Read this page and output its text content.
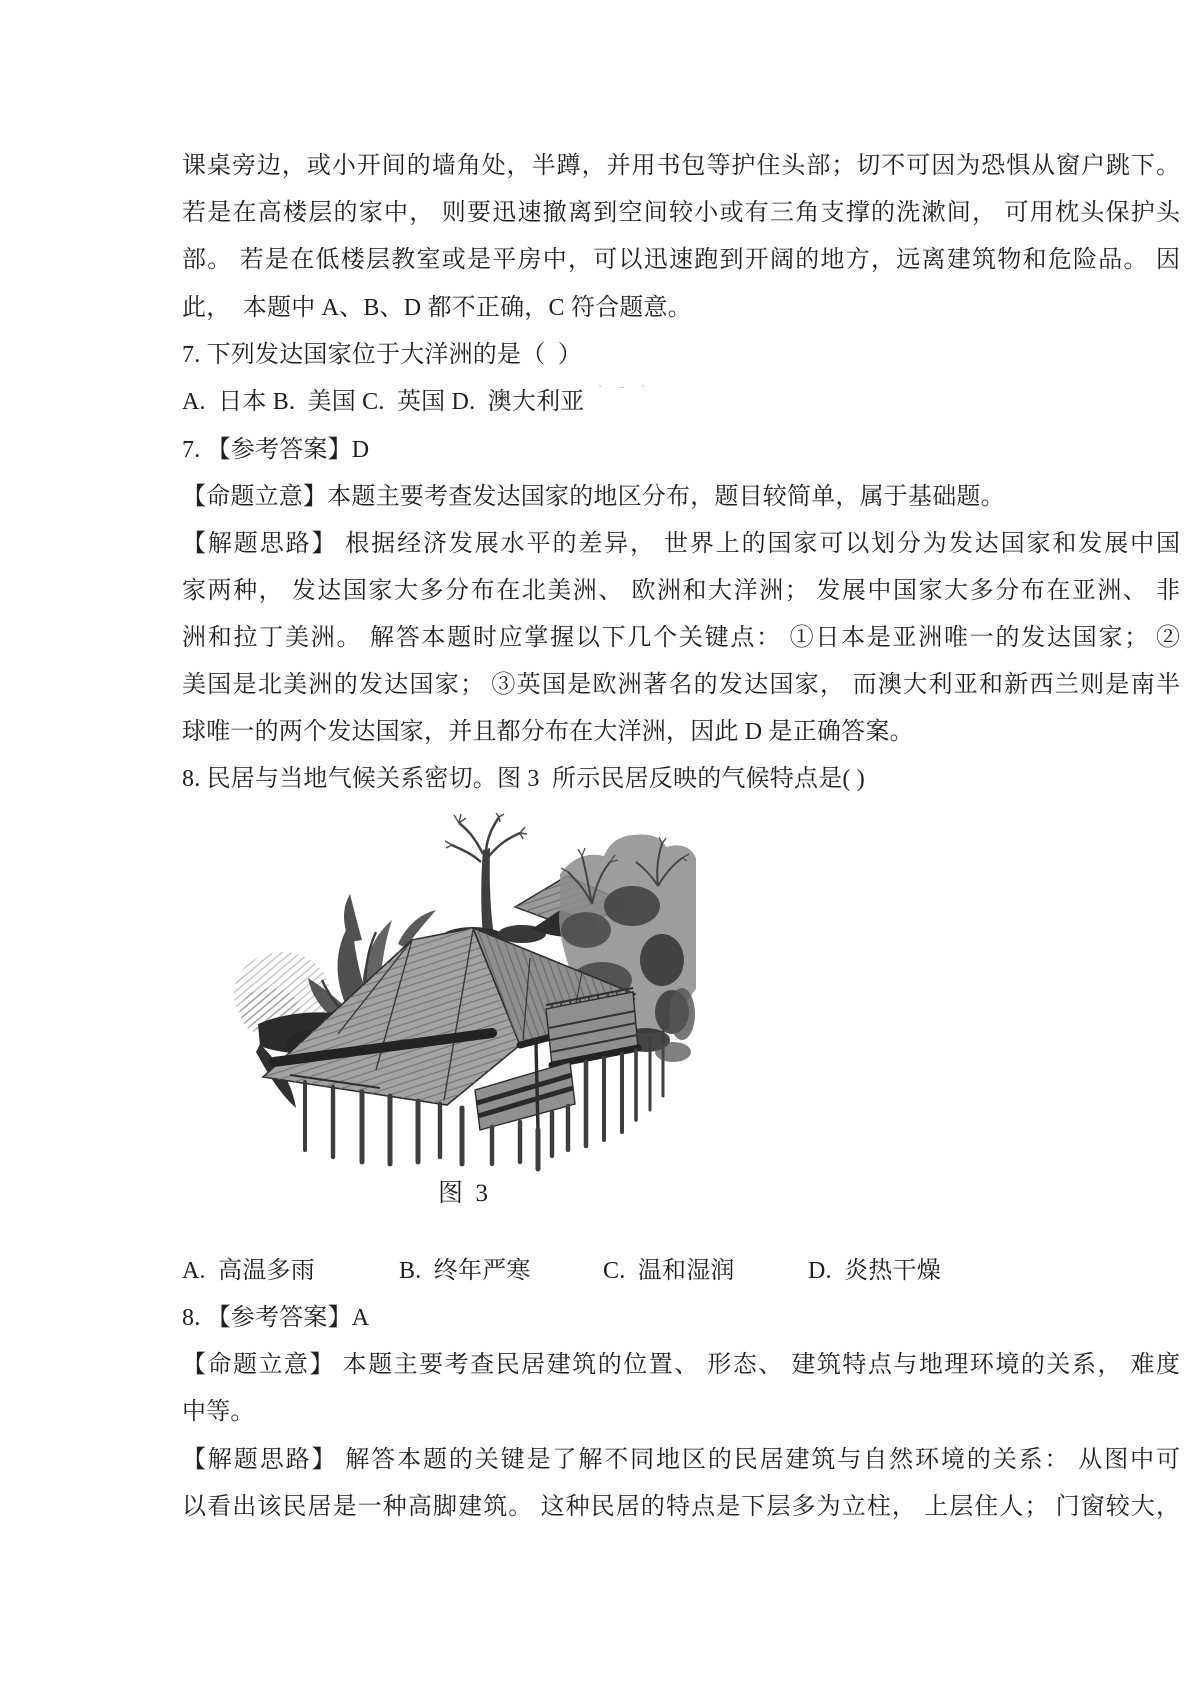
课桌旁边，或小开间的墙角处，半蹲，并用书包等护住头部；切不可因为恐惧从窗户跳下。
若是在高楼层的家中， 则要迅速撤离到空间较小或有三角支撑的洗漱间， 可用枕头保护头
部。 若是在低楼层教室或是平房中，可以迅速跑到开阔的地方，远离建筑物和危险品。 因
此，  本题中 A、B、D 都不正确，C 符合题意。
7. 下列发达国家位于大洋洲的是（  ）
A.  日本 B.  美国 C.  英国 D.  澳大利亚
· – ·
7. 【参考答案】D
【命题立意】本题主要考查发达国家的地区分布，题目较简单，属于基础题。
【解题思路】 根据经济发展水平的差异， 世界上的国家可以划分为发达国家和发展中国
家两种， 发达国家大多分布在北美洲、 欧洲和大洋洲； 发展中国家大多分布在亚洲、 非
洲和拉丁美洲。 解答本题时应掌握以下几个关键点： ①日本是亚洲唯一的发达国家； ②
美国是北美洲的发达国家； ③英国是欧洲著名的发达国家， 而澳大利亚和新西兰则是南半
球唯一的两个发达国家，并且都分布在大洋洲，因此 D 是正确答案。
8. 民居与当地气候关系密切。图 3  所示民居反映的气候特点是( )
图  3

A.  高温多雨

	B.  终年严寒

	C.  温和湿润

	D.  炎热干燥

8. 【参考答案】A
【命题立意】 本题主要考查民居建筑的位置、 形态、 建筑特点与地理环境的关系， 难度
中等。
【解题思路】 解答本题的关键是了解不同地区的民居建筑与自然环境的关系： 从图中可
以看出该民居是一种高脚建筑。 这种民居的特点是下层多为立柱， 上层住人； 门窗较大，
